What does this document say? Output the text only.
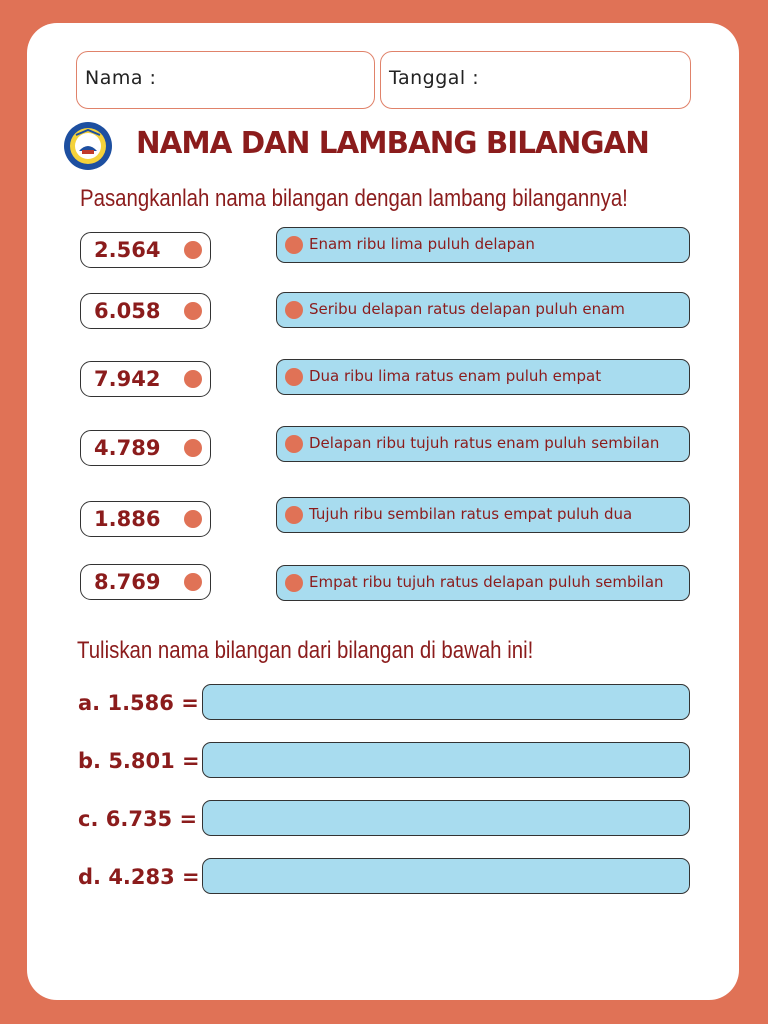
Nama :	Tanggal :
NAMA DAN LAMBANG BILANGAN

Pasangkanlah nama bilangan dengan lambang bilangannya!

2.564
6.058
7.942
4.789
1.886
8.769
Enam ribu lima puluh delapan
Seribu delapan ratus delapan puluh enam
Dua ribu lima ratus enam puluh empat
Delapan ribu tujuh ratus enam puluh sembilan
Tujuh ribu sembilan ratus empat puluh dua
Empat ribu tujuh ratus delapan puluh sembilan

Tuliskan nama bilangan dari bilangan di bawah ini!

a. 1.586 =
b. 5.801 =
c. 6.735 =
d. 4.283 =
